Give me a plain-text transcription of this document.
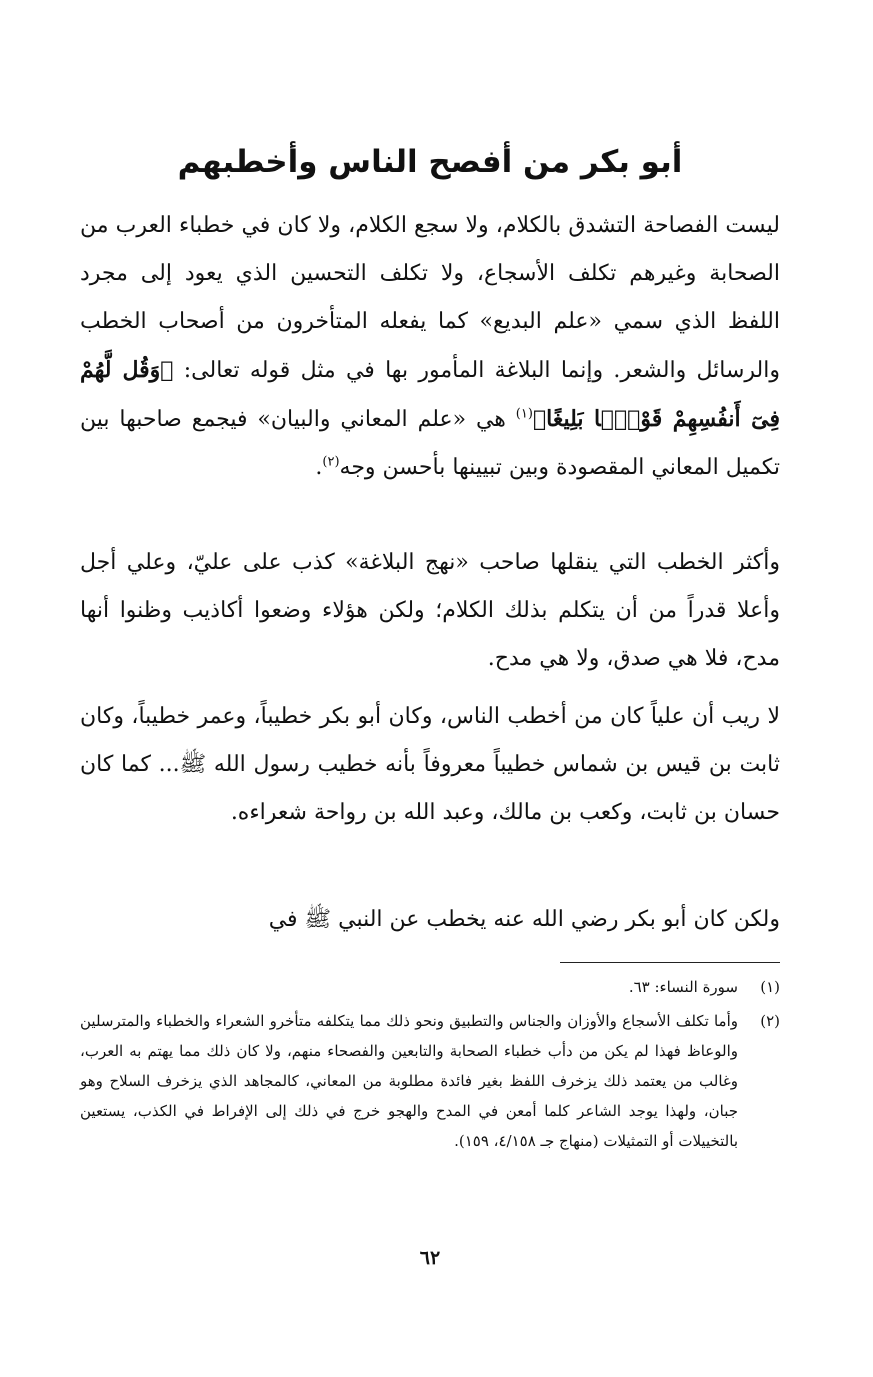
أبو بكر من أفصح الناس وأخطبهم

ليست الفصاحة التشدق بالكلام، ولا سجع الكلام، ولا كان في خطباء العرب من الصحابة وغيرهم تكلف الأسجاع، ولا تكلف التحسين الذي يعود إلى مجرد اللفظ الذي سمي «علم البديع» كما يفعله المتأخرون من أصحاب الخطب والرسائل والشعر. وإنما البلاغة المأمور بها في مثل قوله تعالى: ﴿وَقُل لَّهُمْ فِىٓ أَنفُسِهِمْ قَوْلًۢا بَلِيغًا﴾$^{(١)}$ هي «علم المعاني والبيان» فيجمع صاحبها بين تكميل المعاني المقصودة وبين تبيينها بأحسن وجه$^{(٢)}$.

وأكثر الخطب التي ينقلها صاحب «نهج البلاغة» كذب على عليّ، وعلي أجل وأعلا قدراً من أن يتكلم بذلك الكلام؛ ولكن هؤلاء وضعوا أكاذيب وظنوا أنها مدح، فلا هي صدق، ولا هي مدح.

لا ريب أن علياً كان من أخطب الناس، وكان أبو بكر خطيباً، وعمر خطيباً، وكان ثابت بن قيس بن شماس خطيباً معروفاً بأنه خطيب رسول الله ﷺ... كما كان حسان بن ثابت، وكعب بن مالك، وعبد الله بن رواحة شعراءه.

ولكن كان أبو بكر رضي الله عنه يخطب عن النبي ﷺ في

(١)
سورة النساء: ٦٣.
(٢)
وأما تكلف الأسجاع والأوزان والجناس والتطبيق ونحو ذلك مما يتكلفه متأخرو الشعراء والخطباء والمترسلين والوعاظ فهذا لم يكن من دأب خطباء الصحابة والتابعين والفصحاء منهم، ولا كان ذلك مما يهتم به العرب، وغالب من يعتمد ذلك يزخرف اللفظ بغير فائدة مطلوبة من المعاني، كالمجاهد الذي يزخرف السلاح وهو جبان، ولهذا يوجد الشاعر كلما أمعن في المدح والهجو خرج في ذلك إلى الإفراط في الكذب، يستعين بالتخييلات أو التمثيلات (منهاج جـ ٤/١٥٨، ١٥٩).
٦٢
